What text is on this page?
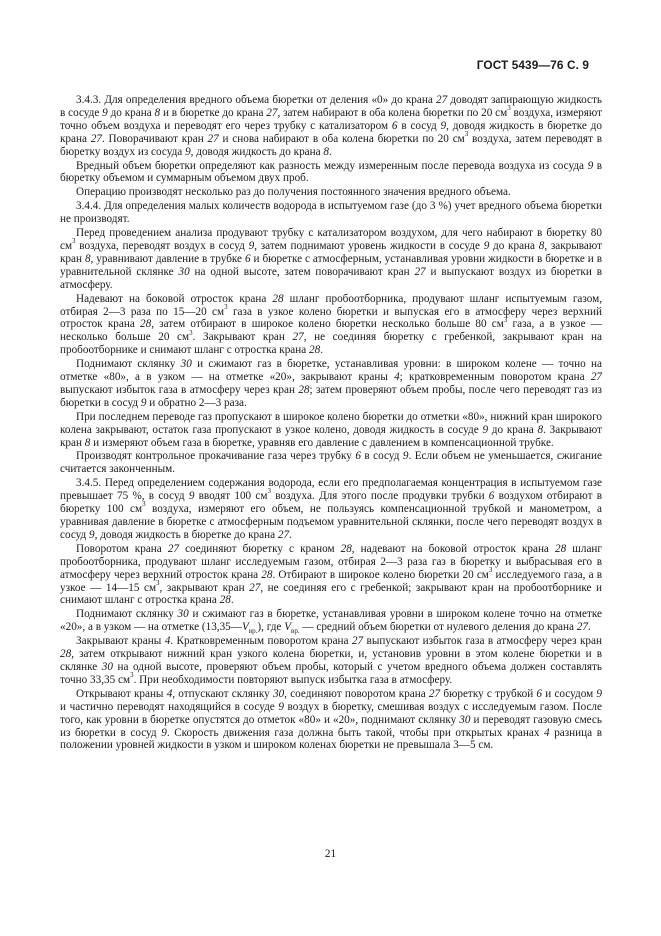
ГОСТ 5439—76 С. 9

3.4.3. Для определения вредного объема бюретки от деления «0» до крана 27 доводят запирающую жидкость в сосуде 9 до крана 8 и в бюретке до крана 27, затем набирают в оба колена бюретки по 20 $см^3$ воздуха, измеряют точно объем воздуха и переводят его через трубку с катализатором 6 в сосуд 9, доводя жидкость в бюретке до крана 27. Поворачивают кран 27 и снова набирают в оба колена бюретки по 20 $см^3$ воздуха, затем переводят в бюретку воздух из сосуда 9, доводя жидкость до крана 8.

Вредный объем бюретки определяют как разность между измеренным после перевода воздуха из сосуда 9 в бюретку объемом и суммарным объемом двух проб.

Операцию производят несколько раз до получения постоянного значения вредного объема.

3.4.4. Для определения малых количеств водорода в испытуемом газе (до 3 %) учет вредного объема бюретки не производят.

Перед проведением анализа продувают трубку с катализатором воздухом, для чего набирают в бюретку 80 $см^3$ воздуха, переводят воздух в сосуд 9, затем поднимают уровень жидкости в сосуде 9 до крана 8, закрывают кран 8, уравнивают давление в трубке 6 и бюретке с атмосферным, устанавливая уровни жидкости в бюретке и в уравнительной склянке 30 на одной высоте, затем поворачивают кран 27 и выпускают воздух из бюретки в атмосферу.

Надевают на боковой отросток крана 28 шланг пробоотборника, продувают шланг испытуемым газом, отбирая 2—3 раза по 15—20 $см^3$ газа в узкое колено бюретки и выпуская его в атмосферу через верхний отросток крана 28, затем отбирают в широкое колено бюретки несколько больше 80 $см^3$ газа, а в узкое — несколько больше 20 $см^3$. Закрывают кран 27, не соединяя бюретку с гребенкой, закрывают кран на пробоотборнике и снимают шланг с отростка крана 28.

Поднимают склянку 30 и сжимают газ в бюретке, устанавливая уровни: в широком колене — точно на отметке «80», а в узком — на отметке «20», закрывают краны 4; кратковременным поворотом крана 27 выпускают избыток газа в атмосферу через кран 28; затем проверяют объем пробы, после чего переводят газ из бюретки в сосуд 9 и обратно 2—3 раза.

При последнем переводе газ пропускают в широкое колено бюретки до отметки «80», нижний кран широкого колена закрывают, остаток газа пропускают в узкое колено, доводя жидкость в сосуде 9 до крана 8. Закрывают кран 8 и измеряют объем газа в бюретке, уравняв его давление с давлением в компенсационной трубке.

Производят контрольное прокачивание газа через трубку 6 в сосуд 9. Если объем не уменьшается, сжигание считается законченным.

3.4.5. Перед определением содержания водорода, если его предполагаемая концентрация в испытуемом газе превышает 75 %, в сосуд 9 вводят 100 $см^3$ воздуха. Для этого после продувки трубки 6 воздухом отбирают в бюретку 100 $см^3$ воздуха, измеряют его объем, не пользуясь компенсационной трубкой и манометром, а уравнивая давление в бюретке с атмосферным подъемом уравнительной склянки, после чего переводят воздух в сосуд 9, доводя жидкость в бюретке до крана 27.

Поворотом крана 27 соединяют бюретку с краном 28, надевают на боковой отросток крана 28 шланг пробоотборника, продувают шланг исследуемым газом, отбирая 2—3 раза газ в бюретку и выбрасывая его в атмосферу через верхний отросток крана 28. Отбирают в широкое колено бюретки 20 $см^3$ исследуемого газа, а в узкое — 14—15 $см^3$, закрывают кран 27, не соединяя его с гребенкой; закрывают кран на пробоотборнике и снимают шланг с отростка крана 28.

Поднимают склянку 30 и сжимают газ в бюретке, устанавливая уровни в широком колене точно на отметке «20», а в узком — на отметке $(13,35—V_{вр.})$, где $V_{вр.}$ — средний объем бюретки от нулевого деления до крана 27.

Закрывают краны 4. Кратковременным поворотом крана 27 выпускают избыток газа в атмосферу через кран 28, затем открывают нижний кран узкого колена бюретки, и, установив уровни в этом колене бюретки и в склянке 30 на одной высоте, проверяют объем пробы, который с учетом вредного объема должен составлять точно 33,35 $см^3$. При необходимости повторяют выпуск избытка газа в атмосферу.

Открывают краны 4, отпускают склянку 30, соединяют поворотом крана 27 бюретку с трубкой 6 и сосудом 9 и частично переводят находящийся в сосуде 9 воздух в бюретку, смешивая воздух с исследуемым газом. После того, как уровни в бюретке опустятся до отметок «80» и «20», поднимают склянку 30 и переводят газовую смесь из бюретки в сосуд 9. Скорость движения газа должна быть такой, чтобы при открытых кранах 4 разница в положении уровней жидкости в узком и широком коленах бюретки не превышала 3—5 см.

21
